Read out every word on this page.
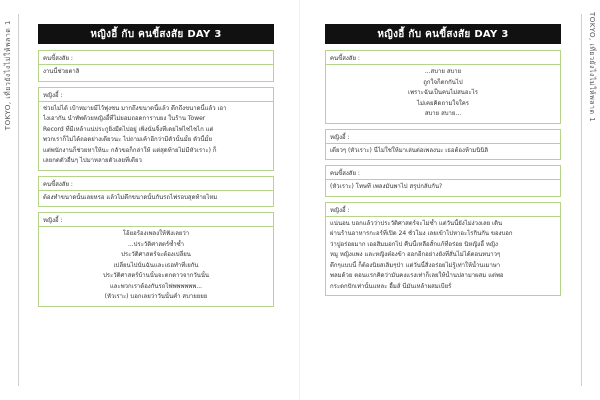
TOKYO, เที่ยวยังไงไม่ให้พลาด 1	TOKYO, เที่ยวยังไงไม่ให้พลาด 1
หญิงอี้ กับ คนขี้สงสัย DAY 3
คนขี้สงสัย :
งานนี้ช่วยตาลิ
หญิงอี้ :
ช่วยไม่ได้ เป้าหมายมีไว้พุ่งชน มากถึงขนาดนี้แล้ว ดึกถึงขนาดนี้แล้ว เอา
ไงเอากัน นำทัพด้วยหญิงอี้ที่ไม่ยอมถอดการาบยง ในร้าน Tower
Record ที่มีเหล้าแน่ประกูยิ่งมืดไปอยู่ เพิ่งนั่นจิ้งที่เดยไฟไซ่ไชไก แต่
พวกเราก็ไม่ได้ถอดย่างเดียวนะ ไปถามเค้าอีกว่ามีตัวนั้นมั้ย ตัวนี้มั้ย
แต่พนักงานก็ช่วยหาให้นะ กลัวขอก็กล่าให้ แต่สุดท้ายไม่มีหัวเราะ) ก็
เลยกดตัวอื่นๆ ไปมาหลายตัวเลยที่เดียว
คนขี้สงสัย :
ต้องทำขนาดนั้นเลยหรอ แล้วไม่ดึกขนาดนั้นกันรถไฟรอบสุดท้ายไหม
หญิงอี้ :
โอ้ยอร้องเพลงให้ฟังเลยว่า
...ประวัติศาสตร์ซ้ำซ้ำ
ประวัติศาสตร์จะต้องเปลี่ยน
เปลี่ยนไปนั่นฉันและเธอทำที่เยกัน
ประวัติศาสตร์บ้านนั้นจะตกดาวจากวันนั้น
และพวกเราต้องกันรถไฟพพพพพพ...
(หัวเราะ) บอกเลยว่าวันนั้นค่ำ สบายยยย
หญิงอี้ กับ คนขี้สงสัย DAY 3
คนขี้สงสัย :
...สบาย สบาย
ถูกใจก็ตกกันไป
เพราะฉันเป็นคนไม่สนอะไร
ไม่เคยคิดถามใจใคร
สบาย สบาย...
หญิงอี้ :
เดี๋ยวๆ (หัวเราะ) นี่ไม่ใช่ให้มาเล่นต่อเพลงนะ เธอต้องห้ามนินิลิ
คนขี้สงสัย :
(หัวเราะ) โทษที เพลงมันพาไป สรุปกลับกัน?
หญิงอี้ :
แน่นอน บอกแล้วว่าประวัติศาสตร์จะไม่ซ้ำ แต่วันนี้ยังไม่ง่วงเลย เดิน
ผ่านร้านอาหารกะอร์ที่เปิด 24 ชั่วโมง เลยเข้าไปหาอะไรกินกัน ของบอก
ว่าปูอร่อยมาก เออสิมมอกไป คืนนี้เหลือสั้กแก้ที่อร่อย นิหญิงอี้ หญิง
หมู หญิงแพง และหญิงต๋องข้า ออกอีกอย่างยังที่สั่นไม่ได้ตอนหนาวๆ
ดึกๆแบบนี้ ก็ต้องนิยสเลิมๆป่า แต่วันนี้สิ่งอร่อยไม่รู้เท่าให้น้ำนเมาษา
พลมด้วย ตอนแรกคิดว่ามันคงแรงเท่าก็เลยให้น้ำนปลามาผสม แต่พอ
กระดกปักเท่านั้นแหละ อื้มส์ นี่มันเหล้าผสมเบียร์
